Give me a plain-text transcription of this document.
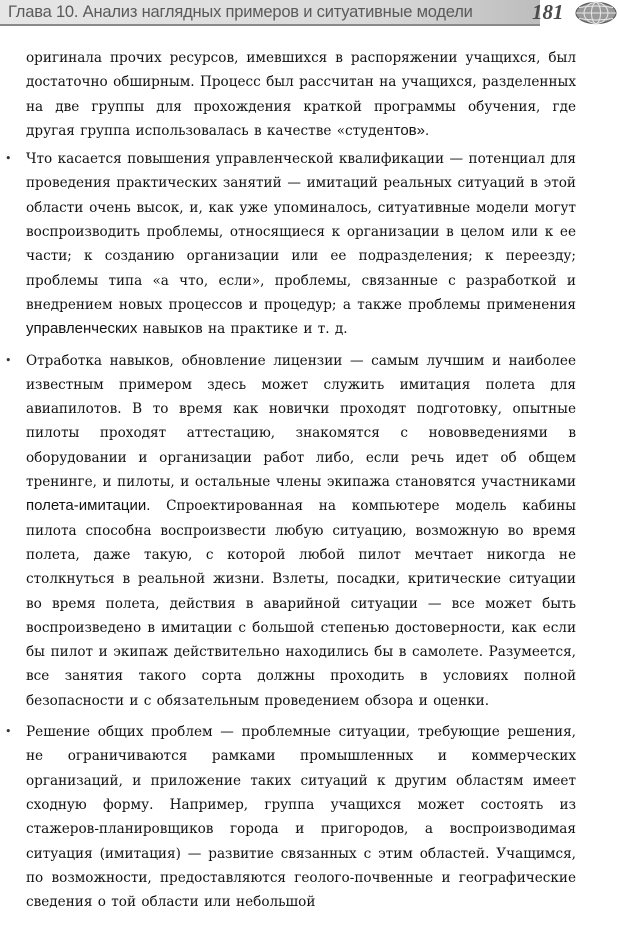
Глава 10. Анализ наглядных примеров и ситуативные модели	181

оригинала прочих ресурсов, имевшихся в распоряжении учащихся, был достаточно обширным. Процесс был рассчитан на учащихся, разделенных на две группы для прохождения краткой программы обучения, где другая группа использовалась в качестве «студентов».

• Что касается повышения управленческой квалификации — потенциал для проведения практических занятий — имитаций реальных ситуаций в этой области очень высок, и, как уже упоминалось, ситуативные модели могут воспроизводить проблемы, относящиеся к организации в целом или к ее части; к созданию организации или ее подразделения; к переезду; проблемы типа «а что, если», проблемы, связанные с разработкой и внедрением новых процессов и процедур; а также проблемы применения управленческих навыков на практике и т. д.

• Отработка навыков, обновление лицензии — самым лучшим и наиболее известным примером здесь может служить имитация полета для авиапилотов. В то время как новички проходят подготовку, опытные пилоты проходят аттестацию, знакомятся с нововведениями в оборудовании и организации работ либо, если речь идет об общем тренинге, и пилоты, и остальные члены экипажа становятся участниками полета-имитации. Спроектированная на компьютере модель кабины пилота способна воспроизвести любую ситуацию, возможную во время полета, даже такую, с которой любой пилот мечтает никогда не столкнуться в реальной жизни. Взлеты, посадки, критические ситуации во время полета, действия в аварийной ситуации — все может быть воспроизведено в имитации с большой степенью достоверности, как если бы пилот и экипаж действительно находились бы в самолете. Разумеется, все занятия такого сорта должны проходить в условиях полной безопасности и с обязательным проведением обзора и оценки.

• Решение общих проблем — проблемные ситуации, требующие решения, не ограничиваются рамками промышленных и коммерческих организаций, и приложение таких ситуаций к другим областям имеет сходную форму. Например, группа учащихся может состоять из стажеров-планировщиков города и пригородов, а воспроизводимая ситуация (имитация) — развитие связанных с этим областей. Учащимся, по возможности, предоставляются геолого-почвенные и географические сведения о той области или небольшой
